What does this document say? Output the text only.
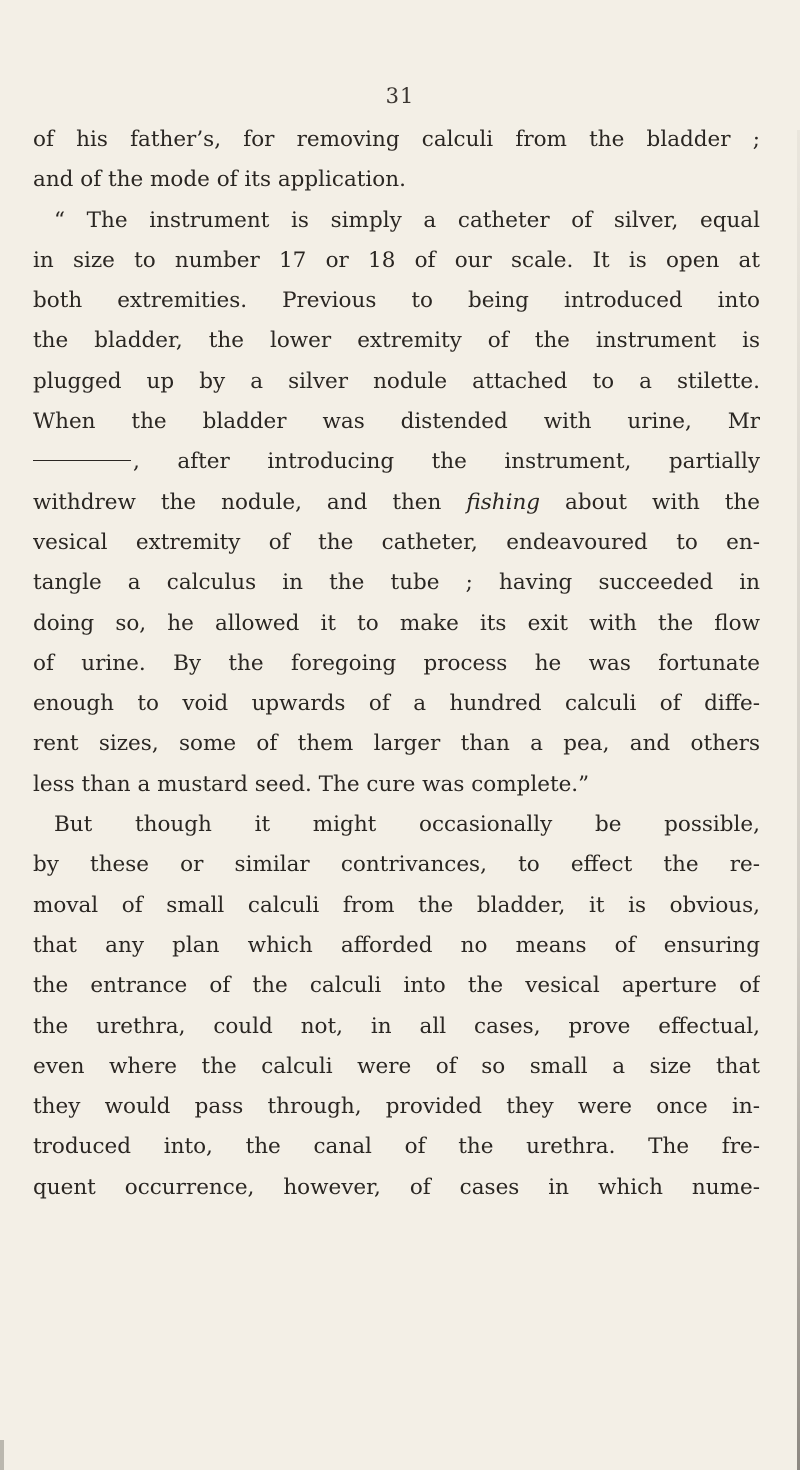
31
of his father’s, for removing calculi from the bladder ;
and of the mode of its application.
“ The instrument is simply a catheter of silver, equal
in size to number 17 or 18 of our scale. It is open at
both extremities. Previous to being introduced into
the bladder, the lower extremity of the instrument is
plugged up by a silver nodule attached to a stilette.
When the bladder was distended with urine, Mr
, after introducing the instrument, partially
withdrew the nodule, and then fishing about with the
vesical extremity of the catheter, endeavoured to en-
tangle a calculus in the tube ; having succeeded in
doing so, he allowed it to make its exit with the flow
of urine. By the foregoing process he was fortunate
enough to void upwards of a hundred calculi of diffe-
rent sizes, some of them larger than a pea, and others
less than a mustard seed. The cure was complete.”
But though it might occasionally be possible,
by these or similar contrivances, to effect the re-
moval of small calculi from the bladder, it is obvious,
that any plan which afforded no means of ensuring
the entrance of the calculi into the vesical aperture of
the urethra, could not, in all cases, prove effectual,
even where the calculi were of so small a size that
they would pass through, provided they were once in-
troduced into, the canal of the urethra. The fre-
quent occurrence, however, of cases in which nume-
